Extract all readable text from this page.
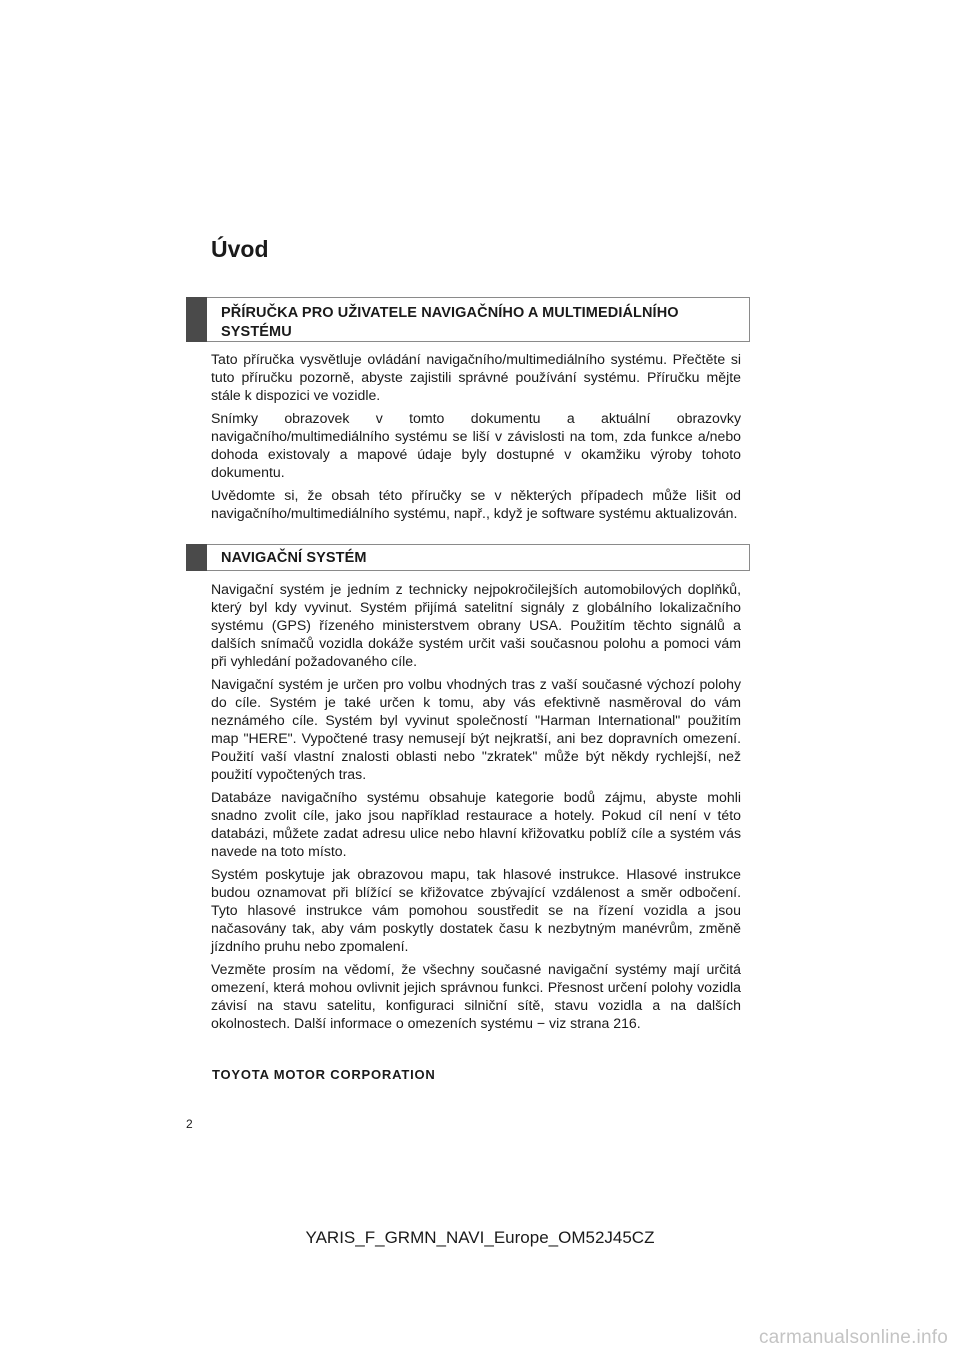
Úvod
PŘÍRUČKA PRO UŽIVATELE NAVIGAČNÍHO A MULTIMEDIÁLNÍHO SYSTÉMU

Tato příručka vysvětluje ovládání navigačního/multimediálního systému. Přečtěte si tuto příručku pozorně, abyste zajistili správné používání systému. Příručku mějte stále k dispozici ve vozidle.

Snímky obrazovek v tomto dokumentu a aktuální obrazovky navigačního/multimediálního systému se liší v závislosti na tom, zda funkce a/nebo dohoda existovaly a mapové údaje byly dostupné v okamžiku výroby tohoto dokumentu.

Uvědomte si, že obsah této příručky se v některých případech může lišit od navigačního/multimediálního systému, např., když je software systému aktualizován.

NAVIGAČNÍ SYSTÉM

Navigační systém je jedním z technicky nejpokročilejších automobilových doplňků, který byl kdy vyvinut. Systém přijímá satelitní signály z globálního lokalizačního systému (GPS) řízeného ministerstvem obrany USA. Použitím těchto signálů a dalších snímačů vozidla dokáže systém určit vaši současnou polohu a pomoci vám při vyhledání požadovaného cíle.

Navigační systém je určen pro volbu vhodných tras z vaší současné výchozí polohy do cíle. Systém je také určen k tomu, aby vás efektivně nasměroval do vám neznámého cíle. Systém byl vyvinut společností "Harman International" použitím map "HERE". Vypočtené trasy nemusejí být nejkratší, ani bez dopravních omezení. Použití vaší vlastní znalosti oblasti nebo "zkratek" může být někdy rychlejší, než použití vypočtených tras.

Databáze navigačního systému obsahuje kategorie bodů zájmu, abyste mohli snadno zvolit cíle, jako jsou například restaurace a hotely. Pokud cíl není v této databázi, můžete zadat adresu ulice nebo hlavní křižovatku poblíž cíle a systém vás navede na toto místo.

Systém poskytuje jak obrazovou mapu, tak hlasové instrukce. Hlasové instrukce budou oznamovat při blížící se křižovatce zbývající vzdálenost a směr odbočení. Tyto hlasové instrukce vám pomohou soustředit se na řízení vozidla a jsou načasovány tak, aby vám poskytly dostatek času k nezbytným manévrům, změně jízdního pruhu nebo zpomalení.

Vezměte prosím na vědomí, že všechny současné navigační systémy mají určitá omezení, která mohou ovlivnit jejich správnou funkci. Přesnost určení polohy vozidla závisí na stavu satelitu, konfiguraci silniční sítě, stavu vozidla a na dalších okolnostech. Další informace o omezeních systému − viz strana 216.

TOYOTA MOTOR CORPORATION
2
YARIS_F_GRMN_NAVI_Europe_OM52J45CZ
carmanualsonline.info
